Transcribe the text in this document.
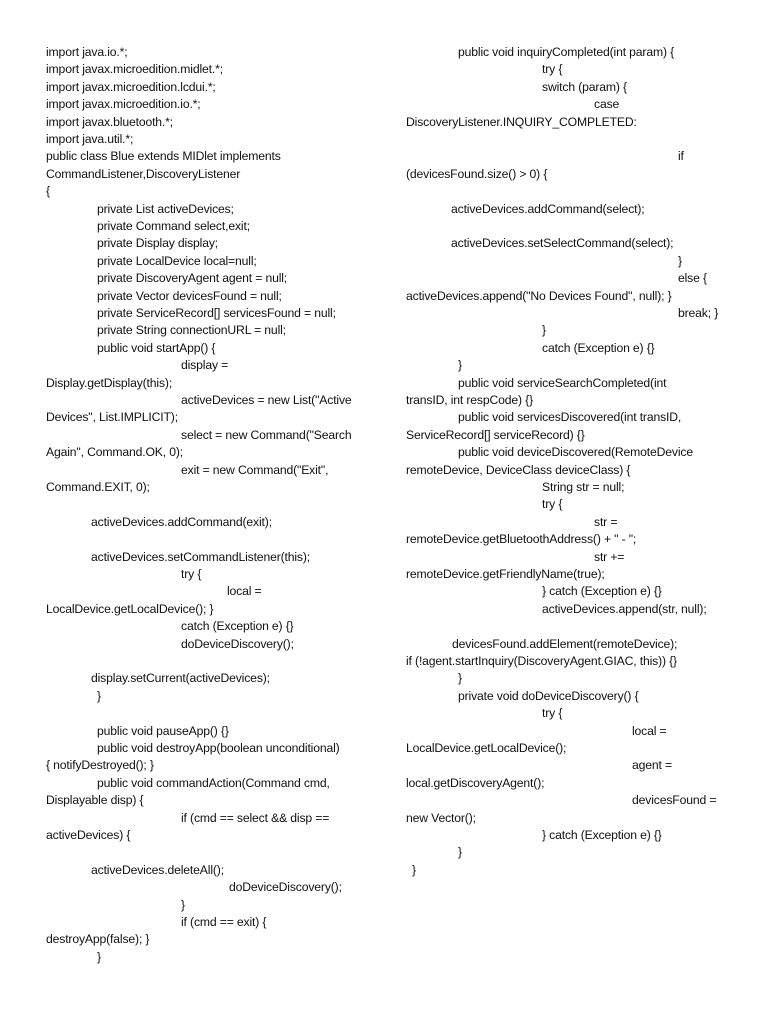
import java.io.*;
import javax.microedition.midlet.*;
import javax.microedition.lcdui.*;
import javax.microedition.io.*;
import javax.bluetooth.*;
import java.util.*;
public class Blue extends MIDlet implements
CommandListener,DiscoveryListener
{
private List activeDevices;
private Command select,exit;
private Display display;
private LocalDevice local=null;
private DiscoveryAgent agent = null;
private Vector devicesFound = null;
private ServiceRecord[] servicesFound = null;
private String connectionURL = null;
public void startApp() {
display =
Display.getDisplay(this);
activeDevices = new List("Active
Devices", List.IMPLICIT);
select = new Command("Search
Again", Command.OK, 0);
exit = new Command("Exit",
Command.EXIT, 0);
activeDevices.addCommand(exit);
activeDevices.setCommandListener(this);
try {
local =
LocalDevice.getLocalDevice(); }
catch (Exception e) {}
doDeviceDiscovery();
display.setCurrent(activeDevices);
}
public void pauseApp() {}
public void destroyApp(boolean unconditional)
{ notifyDestroyed(); }
public void commandAction(Command cmd,
Displayable disp) {
if (cmd == select && disp ==
activeDevices) {
activeDevices.deleteAll();
doDeviceDiscovery();
}
if (cmd == exit) {
destroyApp(false); }
}
public void inquiryCompleted(int param) {
try {
switch (param) {
case
DiscoveryListener.INQUIRY_COMPLETED:
if
(devicesFound.size() > 0) {
activeDevices.addCommand(select);
activeDevices.setSelectCommand(select);
}
else {
activeDevices.append("No Devices Found", null); }
break; }
}
catch (Exception e) {}
}
public void serviceSearchCompleted(int
transID, int respCode) {}
public void servicesDiscovered(int transID,
ServiceRecord[] serviceRecord) {}
public void deviceDiscovered(RemoteDevice
remoteDevice, DeviceClass deviceClass) {
String str = null;
try {
str =
remoteDevice.getBluetoothAddress() + " - ";
str +=
remoteDevice.getFriendlyName(true);
} catch (Exception e) {}
activeDevices.append(str, null);
devicesFound.addElement(remoteDevice);
if (!agent.startInquiry(DiscoveryAgent.GIAC, this)) {}
}
private void doDeviceDiscovery() {
try {
local =
LocalDevice.getLocalDevice();
agent =
local.getDiscoveryAgent();
devicesFound =
new Vector();
} catch (Exception e) {}
}
}
